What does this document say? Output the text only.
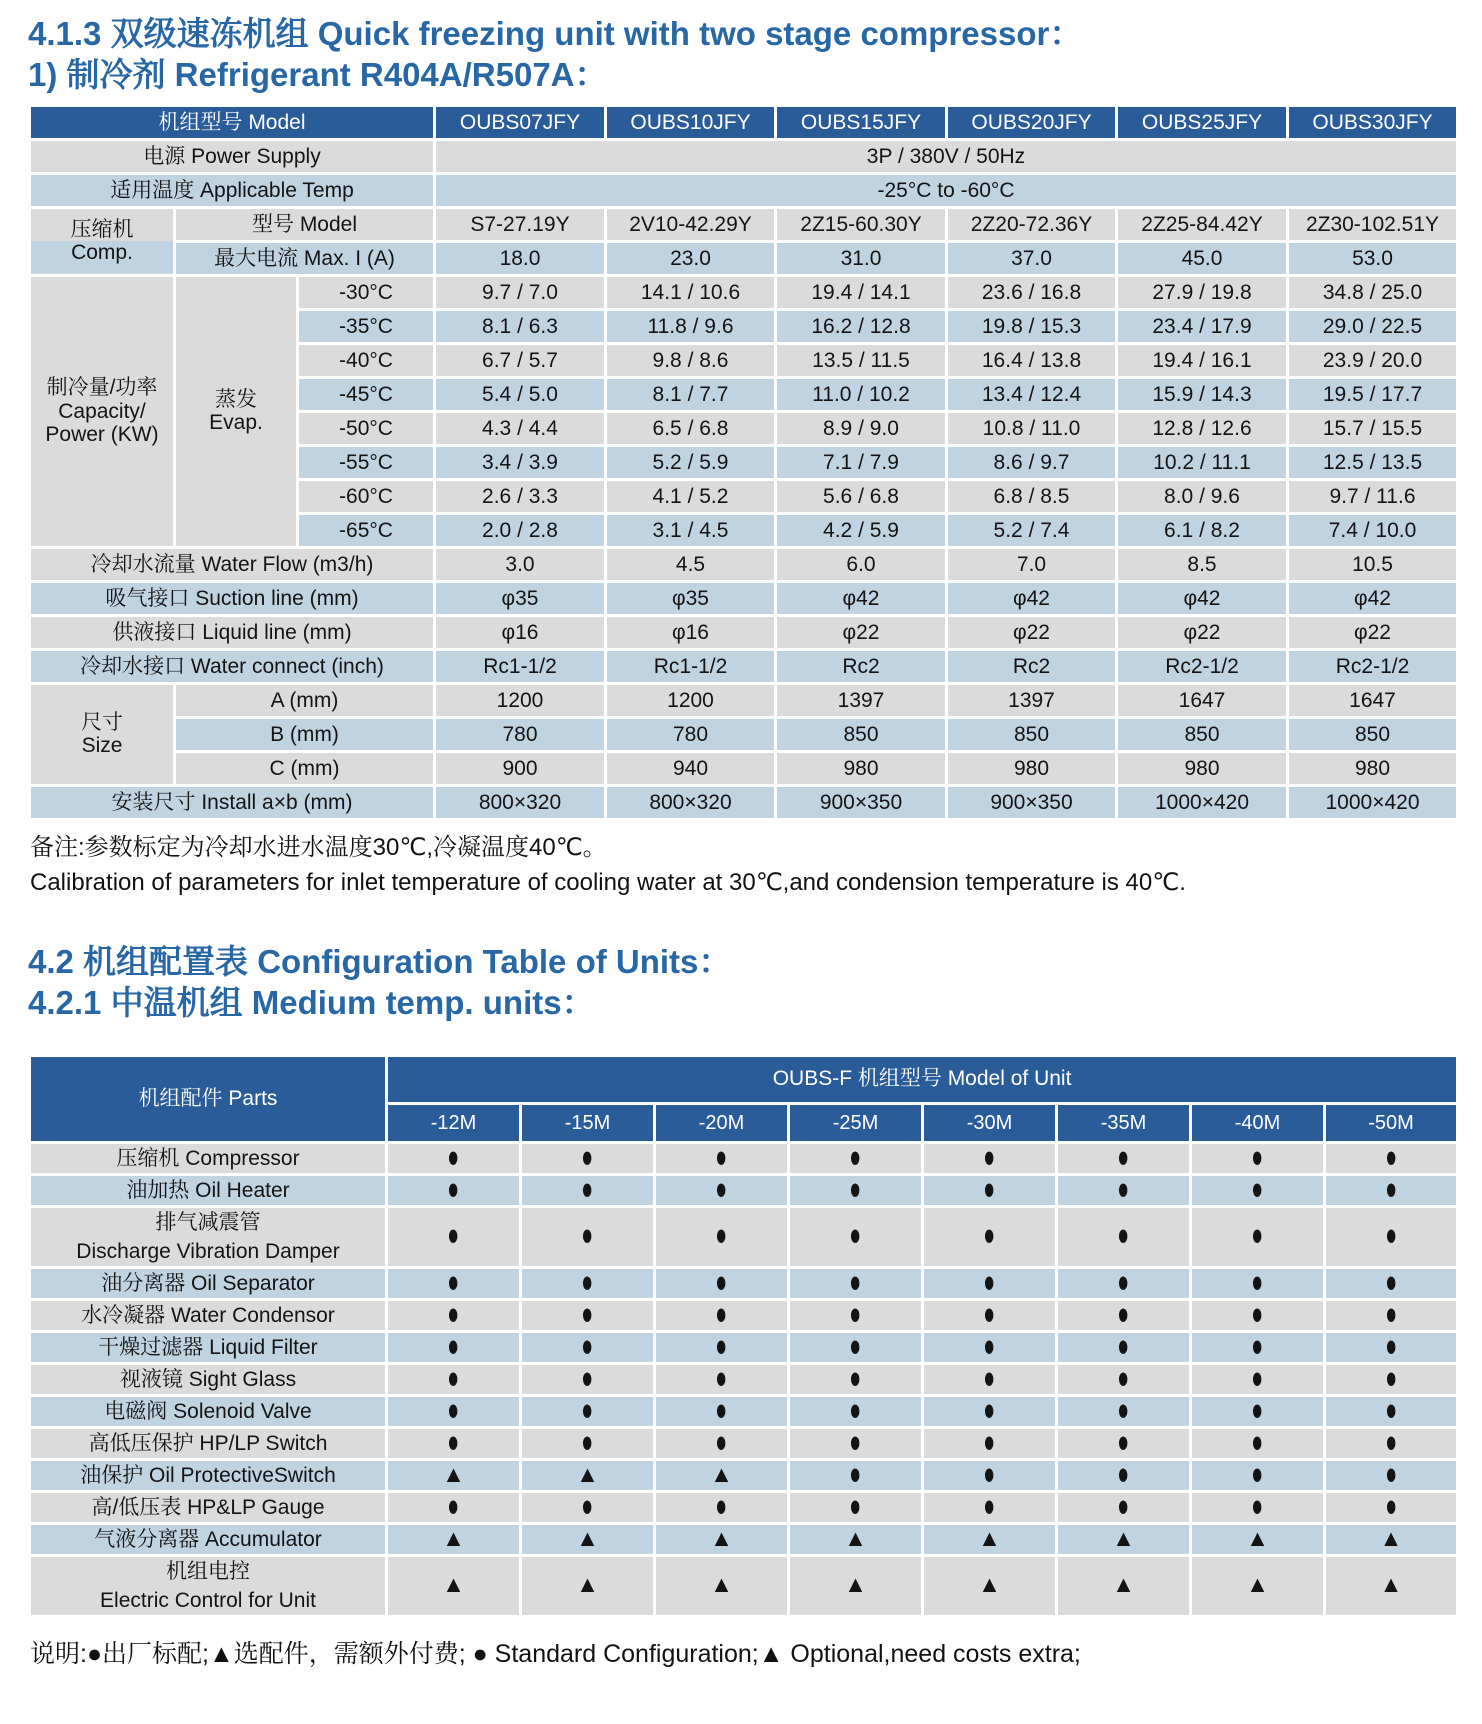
4.1.3 双级速冻机组 Quick freezing unit with two stage compressor：
1) 制冷剂 Refrigerant R404A/R507A：
机组型号 Model			OUBS07JFY	OUBS10JFY	OUBS15JFY	OUBS20JFY	OUBS25JFY	OUBS30JFY
电源 Power Supply			3P / 380V / 50Hz					
适用温度 Applicable Temp			-25°C to -60°C					
压缩机
Comp.	型号 Model		S7-27.19Y	2V10-42.29Y	2Z15-60.30Y	2Z20-72.36Y	2Z25-84.42Y	2Z30-102.51Y
	最大电流 Max. I (A)		18.0	23.0	31.0	37.0	45.0	53.0
制冷量/功率
Capacity/
Power (KW)	蒸发
Evap.	-30°C	9.7 / 7.0	14.1 / 10.6	19.4 / 14.1	23.6 / 16.8	27.9 / 19.8	34.8 / 25.0
		-35°C	8.1 / 6.3	11.8 / 9.6	16.2 / 12.8	19.8 / 15.3	23.4 / 17.9	29.0 / 22.5
		-40°C	6.7 / 5.7	9.8 / 8.6	13.5 / 11.5	16.4 / 13.8	19.4 / 16.1	23.9 / 20.0
		-45°C	5.4 / 5.0	8.1 / 7.7	11.0 / 10.2	13.4 / 12.4	15.9 / 14.3	19.5 / 17.7
		-50°C	4.3 / 4.4	6.5 / 6.8	8.9 / 9.0	10.8 / 11.0	12.8 / 12.6	15.7 / 15.5
		-55°C	3.4 / 3.9	5.2 / 5.9	7.1 / 7.9	8.6 / 9.7	10.2 / 11.1	12.5 / 13.5
		-60°C	2.6 / 3.3	4.1 / 5.2	5.6 / 6.8	6.8 / 8.5	8.0 / 9.6	9.7 / 11.6
		-65°C	2.0 / 2.8	3.1 / 4.5	4.2 / 5.9	5.2 / 7.4	6.1 / 8.2	7.4 / 10.0
冷却水流量 Water Flow (m3/h)			3.0	4.5	6.0	7.0	8.5	10.5
吸气接口 Suction line (mm)			φ35	φ35	φ42	φ42	φ42	φ42
供液接口 Liquid line (mm)			φ16	φ16	φ22	φ22	φ22	φ22
冷却水接口 Water connect (inch)			Rc1-1/2	Rc1-1/2	Rc2	Rc2	Rc2-1/2	Rc2-1/2
尺寸
Size	A (mm)		1200	1200	1397	1397	1647	1647
	B (mm)		780	780	850	850	850	850
	C (mm)		900	940	980	980	980	980
安装尺寸 Install a×b (mm)			800×320	800×320	900×350	900×350	1000×420	1000×420
备注:参数标定为冷却水进水温度30℃,冷凝温度40℃。
Calibration of parameters for inlet temperature of cooling water at 30℃,and condension temperature is 40℃.
4.2 机组配置表 Configuration Table of Units：
4.2.1 中温机组 Medium temp. units：
机组配件 Parts	OUBS-F 机组型号 Model of Unit							
	-12M	-15M	-20M	-25M	-30M	-35M	-40M	-50M
压缩机 Compressor	●	●	●	●	●	●	●	●
油加热 Oil Heater	●	●	●	●	●	●	●	●
排气减震管
Discharge Vibration Damper	●	●	●	●	●	●	●	●
油分离器 Oil Separator	●	●	●	●	●	●	●	●
水冷凝器 Water Condensor	●	●	●	●	●	●	●	●
干燥过滤器 Liquid Filter	●	●	●	●	●	●	●	●
视液镜 Sight Glass	●	●	●	●	●	●	●	●
电磁阀 Solenoid Valve	●	●	●	●	●	●	●	●
高低压保护 HP/LP Switch	●	●	●	●	●	●	●	●
油保护 Oil ProtectiveSwitch	▲	▲	▲	●	●	●	●	●
高/低压表 HP&LP Gauge	●	●	●	●	●	●	●	●
气液分离器 Accumulator	▲	▲	▲	▲	▲	▲	▲	▲
机组电控
Electric Control for Unit	▲	▲	▲	▲	▲	▲	▲	▲
说明:●出厂标配;▲选配件，需额外付费; ● Standard Configuration;▲ Optional,need costs extra;
